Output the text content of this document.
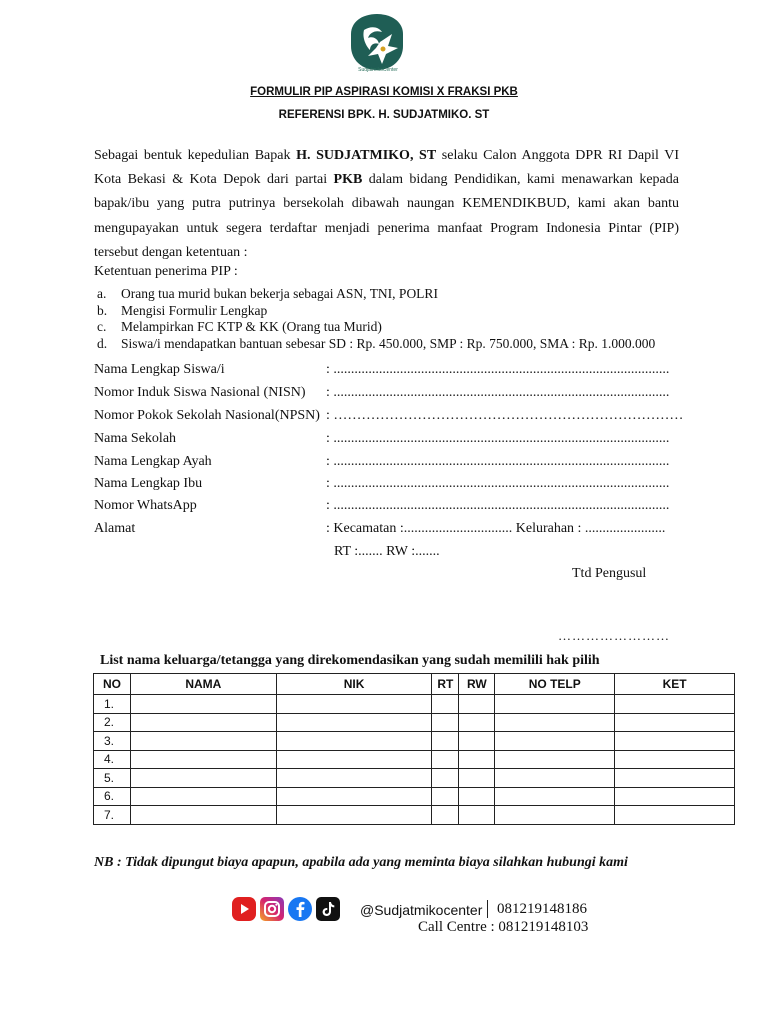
SudjatmikoCenter
FORMULIR PIP ASPIRASI KOMISI X FRAKSI PKB
REFERENSI BPK. H. SUDJATMIKO. ST
Sebagai bentuk kepedulian Bapak H. SUDJATMIKO, ST selaku Calon Anggota DPR RI Dapil VI Kota Bekasi & Kota Depok dari partai PKB dalam bidang Pendidikan, kami menawarkan kepada bapak/ibu yang putra putrinya bersekolah dibawah naungan KEMENDIKBUD, kami akan bantu mengupayakan untuk segera terdaftar menjadi penerima manfaat Program Indonesia Pintar (PIP) tersebut dengan ketentuan :
Ketentuan penerima PIP :
a. Orang tua murid bukan bekerja sebagai ASN, TNI, POLRI
b. Mengisi Formulir Lengkap
c. Melampirkan FC KTP & KK (Orang tua Murid)
d. Siswa/i mendapatkan bantuan sebesar SD : Rp. 450.000, SMP : Rp. 750.000, SMA : Rp. 1.000.000
Nama Lengkap Siswa/i	: ................................................................................................
Nomor Induk Siswa Nasional (NISN) : ................................................................................................
Nomor Pokok Sekolah Nasional(NPSN) : …………………………………………………………………
Nama Sekolah	: ................................................................................................
Nama Lengkap Ayah	: ................................................................................................
Nama Lengkap Ibu	: ................................................................................................
Nomor WhatsApp	: ................................................................................................
Alamat	: Kecamatan :............................... Kelurahan : .......................
RT :....... RW :.......
Ttd Pengusul
……………………
List nama keluarga/tetangga yang direkomendasikan yang sudah memilili hak pilih
NO	NAMA	NIK	RT	RW	NO TELP	KET
1.						
2.						
3.						
4.						
5.						
6.						
7.						
NB : Tidak dipungut biaya apapun, apabila ada yang meminta biaya silahkan hubungi kami
@Sudjatmikocenter 081219148186
Call Centre : 081219148103
